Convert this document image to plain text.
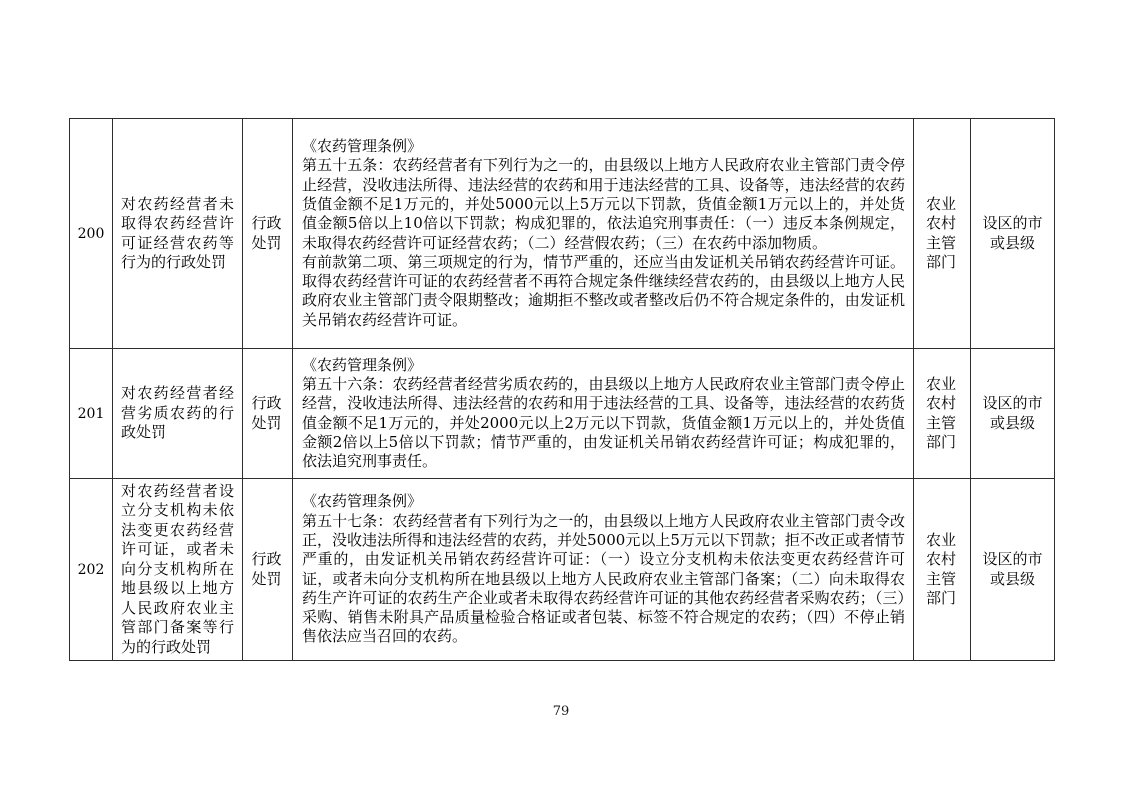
200	对农药经营者未取得农药经营许可证经营农药等行为的行政处罚	行政处罚	《农药管理条例》

第五十五条：农药经营者有下列行为之一的，由县级以上地方人民政府农业主管部门责令停止经营，没收违法所得、违法经营的农药和用于违法经营的工具、设备等，违法经营的农药货值金额不足1万元的，并处5000元以上5万元以下罚款，货值金额1万元以上的，并处货值金额5倍以上10倍以下罚款；构成犯罪的，依法追究刑事责任：（一）违反本条例规定，未取得农药经营许可证经营农药；（二）经营假农药；（三）在农药中添加物质。

有前款第二项、第三项规定的行为，情节严重的，还应当由发证机关吊销农药经营许可证。取得农药经营许可证的农药经营者不再符合规定条件继续经营农药的，由县级以上地方人民政府农业主管部门责令限期整改；逾期拒不整改或者整改后仍不符合规定条件的，由发证机关吊销农药经营许可证。	农业农村主管部门	设区的市或县级

201	对农药经营者经营劣质农药的行政处罚	行政处罚	《农药管理条例》

第五十六条：农药经营者经营劣质农药的，由县级以上地方人民政府农业主管部门责令停止经营，没收违法所得、违法经营的农药和用于违法经营的工具、设备等，违法经营的农药货值金额不足1万元的，并处2000元以上2万元以下罚款，货值金额1万元以上的，并处货值金额2倍以上5倍以下罚款；情节严重的，由发证机关吊销农药经营许可证；构成犯罪的，依法追究刑事责任。	农业农村主管部门	设区的市或县级

202	对农药经营者设立分支机构未依法变更农药经营许可证，或者未向分支机构所在地县级以上地方人民政府农业主管部门备案等行为的行政处罚	行政处罚	《农药管理条例》

第五十七条：农药经营者有下列行为之一的，由县级以上地方人民政府农业主管部门责令改正，没收违法所得和违法经营的农药，并处5000元以上5万元以下罚款；拒不改正或者情节严重的，由发证机关吊销农药经营许可证：（一）设立分支机构未依法变更农药经营许可证，或者未向分支机构所在地县级以上地方人民政府农业主管部门备案；（二）向未取得农药生产许可证的农药生产企业或者未取得农药经营许可证的其他农药经营者采购农药；（三）采购、销售未附具产品质量检验合格证或者包装、标签不符合规定的农药；（四）不停止销售依法应当召回的农药。	农业农村主管部门	设区的市或县级
79
